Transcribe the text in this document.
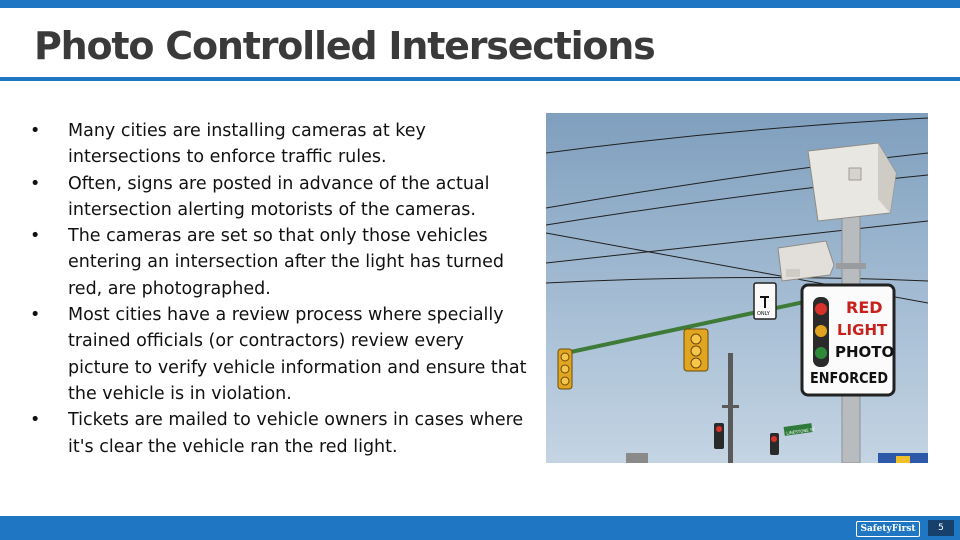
Photo Controlled Intersections
• Many cities are installing cameras at key intersections to enforce traffic rules.
• Often, signs are posted in advance of the actual intersection alerting motorists of the cameras.
• The cameras are set so that only those vehicles entering an intersection after the light has turned red, are photographed.
• Most cities have a review process where specially trained officials (or contractors) review every picture to verify vehicle information and ensure that the vehicle is in violation.
• Tickets are mailed to vehicle owners in cases where it's clear the vehicle ran the red light.
LINESTONE ST
ONLY	RED
LIGHT
PHOTO
ENFORCED
SafetyFirst	5
